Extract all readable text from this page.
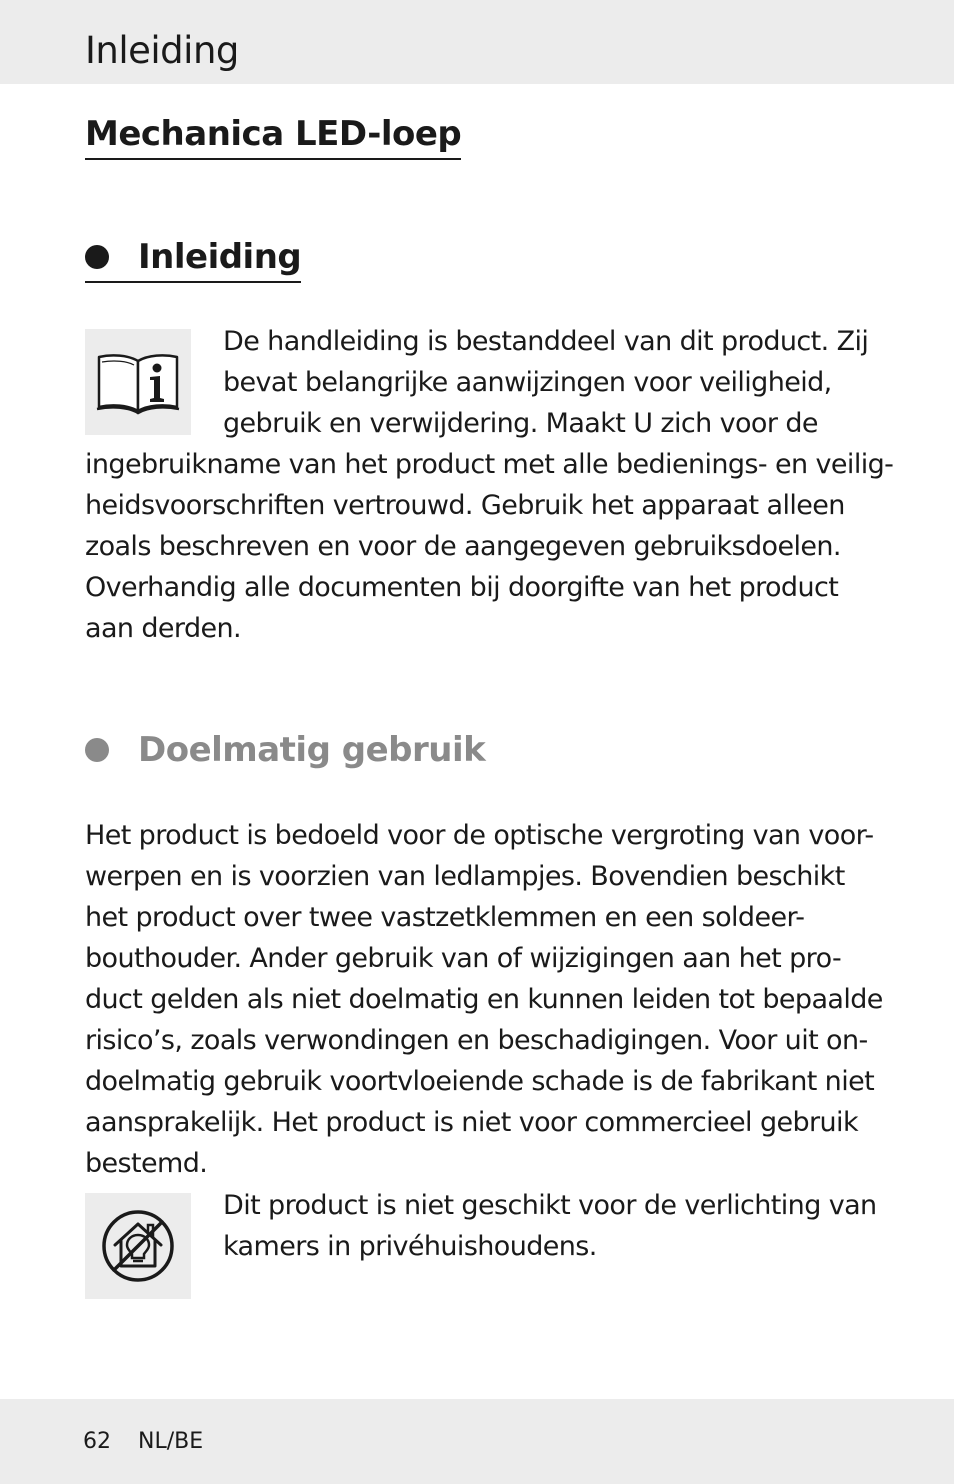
Inleiding
Mechanica LED-loep
Inleiding

De handleiding is bestanddeel van dit product. Zij
bevat belangrijke aanwijzingen voor veiligheid,
gebruik en verwijdering. Maakt U zich voor de

ingebruikname van het product met alle bedienings- en veilig-
heidsvoorschriften vertrouwd. Gebruik het apparaat alleen
zoals beschreven en voor de aangegeven gebruiksdoelen.
Overhandig alle documenten bij doorgifte van het product
aan derden.

Doelmatig gebruik

Het product is bedoeld voor de optische vergroting van voor-
werpen en is voorzien van ledlampjes. Bovendien beschikt
het product over twee vastzetklemmen en een soldeer-
bouthouder. Ander gebruik van of wijzigingen aan het pro-
duct gelden als niet doelmatig en kunnen leiden tot bepaalde
risico’s, zoals verwondingen en beschadigingen. Voor uit on-
doelmatig gebruik voortvloeiende schade is de fabrikant niet
aansprakelijk. Het product is niet voor commercieel gebruik
bestemd.

Dit product is niet geschikt voor de verlichting van
kamers in privéhuishoudens.

62 NL/BE
